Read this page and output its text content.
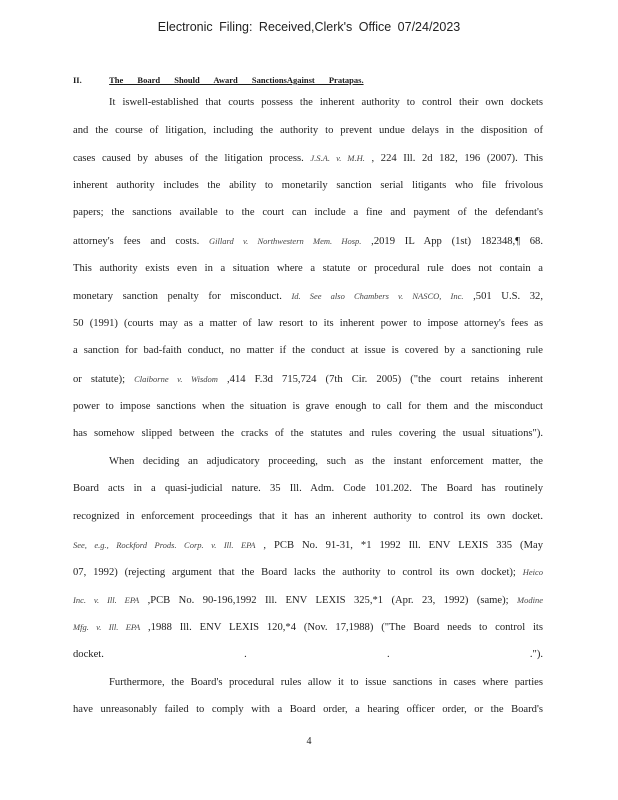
Electronic Filing: Received,Clerk's Office 07/24/2023
II.	The Board Should Award SanctionsAgainst Pratapas.
It iswell-established that courts possess the inherent authority to control their own dockets
and the course of litigation, including the authority to prevent undue delays in the disposition of
cases caused by abuses of the litigation process. J.S.A. v. M.H. , 224 Ill. 2d 182, 196 (2007). This
inherent authority includes the ability to monetarily sanction serial litigants who file frivolous
papers; the sanctions available to the court can include a fine and payment of the defendant's
attorney's fees and costs. Gillard v. Northwestern Mem. Hosp. ,2019 IL App (1st) 182348,¶ 68.
This authority exists even in a situation where a statute or procedural rule does not contain a
monetary sanction penalty for misconduct. Id. See also Chambers v. NASCO, Inc. ,501 U.S. 32,
50 (1991) (courts may as a matter of law resort to its inherent power to impose attorney's fees as
a sanction for bad-faith conduct, no matter if the conduct at issue is covered by a sanctioning rule
or statute); Claiborne v. Wisdom ,414 F.3d 715,724 (7th Cir. 2005) ("the court retains inherent
power to impose sanctions when the situation is grave enough to call for them and the misconduct
has somehow slipped between the cracks of the statutes and rules covering the usual situations").
When deciding an adjudicatory proceeding, such as the instant enforcement matter, the
Board acts in a quasi-judicial nature. 35 Ill. Adm. Code 101.202. The Board has routinely
recognized in enforcement proceedings that it has an inherent authority to control its own docket.
See, e.g., Rockford Prods. Corp. v. Ill. EPA , PCB No. 91-31, *1 1992 Ill. ENV LEXIS 335 (May
07, 1992) (rejecting argument that the Board lacks the authority to control its own docket); Heico
Inc. v. Ill. EPA ,PCB No. 90-196,1992 Ill. ENV LEXIS 325,*1 (Apr. 23, 1992) (same); Modine
Mfg. v. Ill. EPA ,1988 Ill. ENV LEXIS 120,*4 (Nov. 17,1988) ("The Board needs to control its
docket. . . .").
Furthermore, the Board's procedural rules allow it to issue sanctions in cases where parties
have unreasonably failed to comply with a Board order, a hearing officer order, or the Board's
4
